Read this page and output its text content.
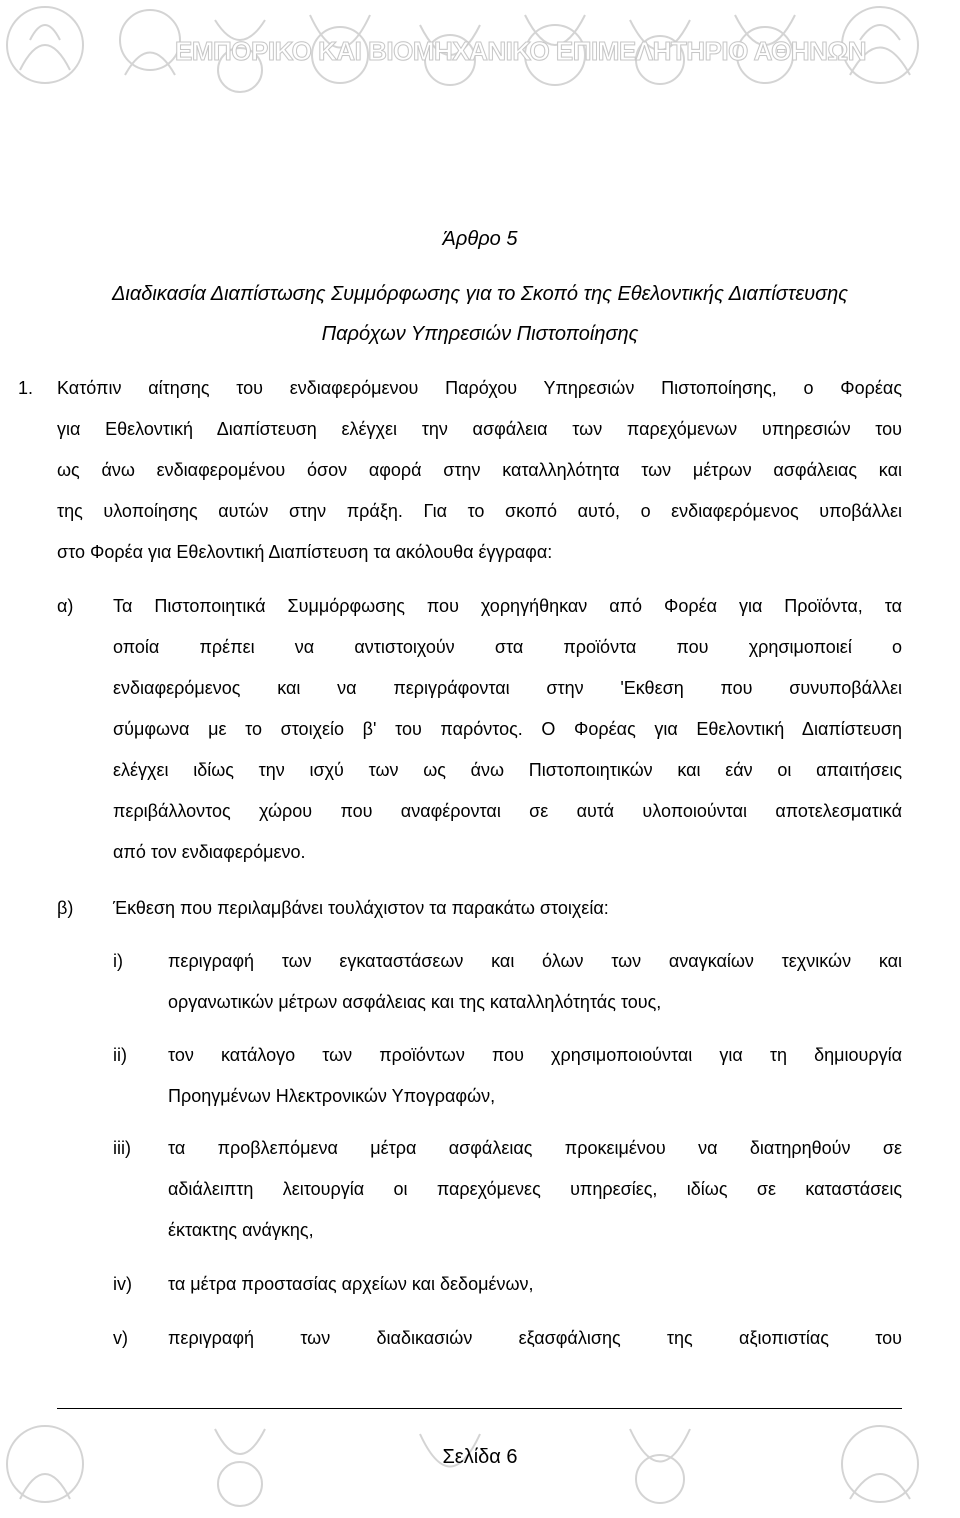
ΕΜΠΟΡΙΚΟ ΚΑΙ ΒΙΟΜΗΧΑΝΙΚΟ ΕΠΙΜΕΛΗΤΗΡΙΟ ΑΘΗΝΩΝ
Άρθρο 5
Διαδικασία Διαπίστωσης Συμμόρφωσης για το Σκοπό της Εθελοντικής Διαπίστευσης
Παρόχων Υπηρεσιών Πιστοποίησης
1. Κατόπιν αίτησης του ενδιαφερόμενου Παρόχου Υπηρεσιών Πιστοποίησης, ο Φορέας
για Εθελοντική Διαπίστευση ελέγχει την ασφάλεια των παρεχόμενων υπηρεσιών του
ως άνω ενδιαφερομένου όσον αφορά στην καταλληλότητα των μέτρων ασφάλειας και
της υλοποίησης αυτών στην πράξη. Για το σκοπό αυτό, ο ενδιαφερόμενος υποβάλλει
στο Φορέα για Εθελοντική Διαπίστευση τα ακόλουθα έγγραφα:
α) Τα Πιστοποιητικά Συμμόρφωσης που χορηγήθηκαν από Φορέα για Προϊόντα, τα
οποία πρέπει να αντιστοιχούν στα προϊόντα που χρησιμοποιεί ο
ενδιαφερόμενος και να περιγράφονται στην 'Εκθεση που συνυποβάλλει
σύμφωνα με το στοιχείο β' του παρόντος. Ο Φορέας για Εθελοντική Διαπίστευση
ελέγχει ιδίως την ισχύ των ως άνω Πιστοποιητικών και εάν οι απαιτήσεις
περιβάλλοντος χώρου που αναφέρονται σε αυτά υλοποιούνται αποτελεσματικά
από τον ενδιαφερόμενο.
β) Έκθεση που περιλαμβάνει τουλάχιστον τα παρακάτω στοιχεία:
i)	περιγραφή των εγκαταστάσεων και όλων των αναγκαίων τεχνικών και
οργανωτικών μέτρων ασφάλειας και της καταλληλότητάς τους,
ii) τον κατάλογο των προϊόντων που χρησιμοποιούνται για τη δημιουργία
Προηγμένων Ηλεκτρονικών Υπογραφών,
iii) τα προβλεπόμενα μέτρα ασφάλειας προκειμένου να διατηρηθούν σε
αδιάλειπτη λειτουργία οι παρεχόμενες υπηρεσίες, ιδίως σε καταστάσεις
έκτακτης ανάγκης,
iv) τα μέτρα προστασίας αρχείων και δεδομένων,
v) περιγραφή των διαδικασιών εξασφάλισης της αξιοπιστίας του
Σελίδα 6
